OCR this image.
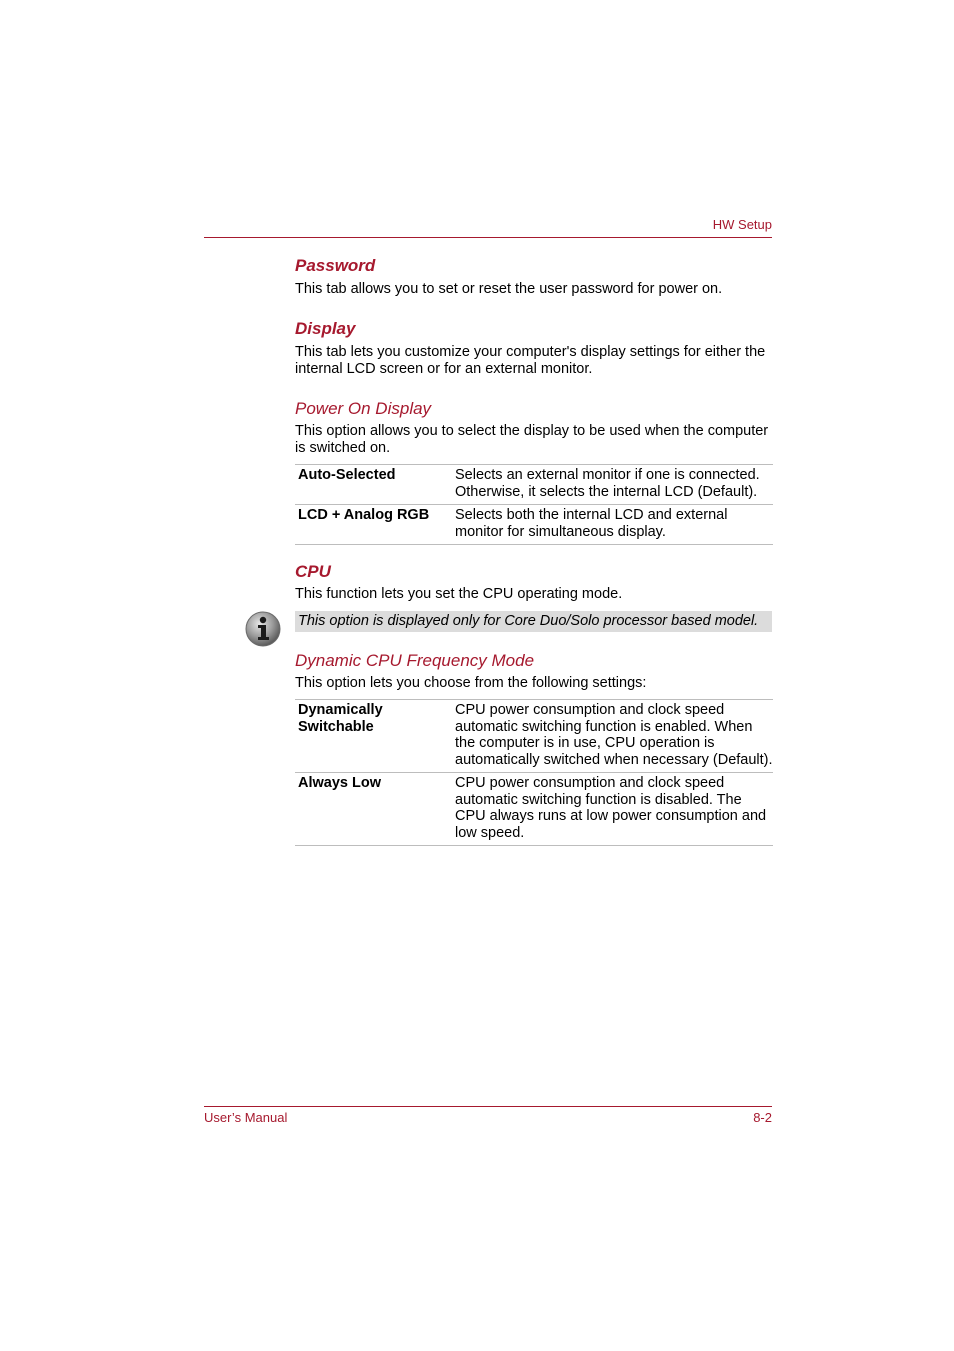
HW Setup
Password
This tab allows you to set or reset the user password for power on.
Display
This tab lets you customize your computer's display settings for either the internal LCD screen or for an external monitor.
Power On Display
This option allows you to select the display to be used when the computer is switched on.
Auto-Selected	Selects an external monitor if one is connected. Otherwise, it selects the internal LCD (Default).
LCD + Analog RGB	Selects both the internal LCD and external monitor for simultaneous display.
CPU
This function lets you set the CPU operating mode.
This option is displayed only for Core Duo/Solo processor based model.
Dynamic CPU Frequency Mode
This option lets you choose from the following settings:
Dynamically Switchable	CPU power consumption and clock speed automatic switching function is enabled. When the computer is in use, CPU operation is automatically switched when necessary (Default).
Always Low	CPU power consumption and clock speed automatic switching function is disabled. The CPU always runs at low power consumption and low speed.
User’s Manual	8-2
